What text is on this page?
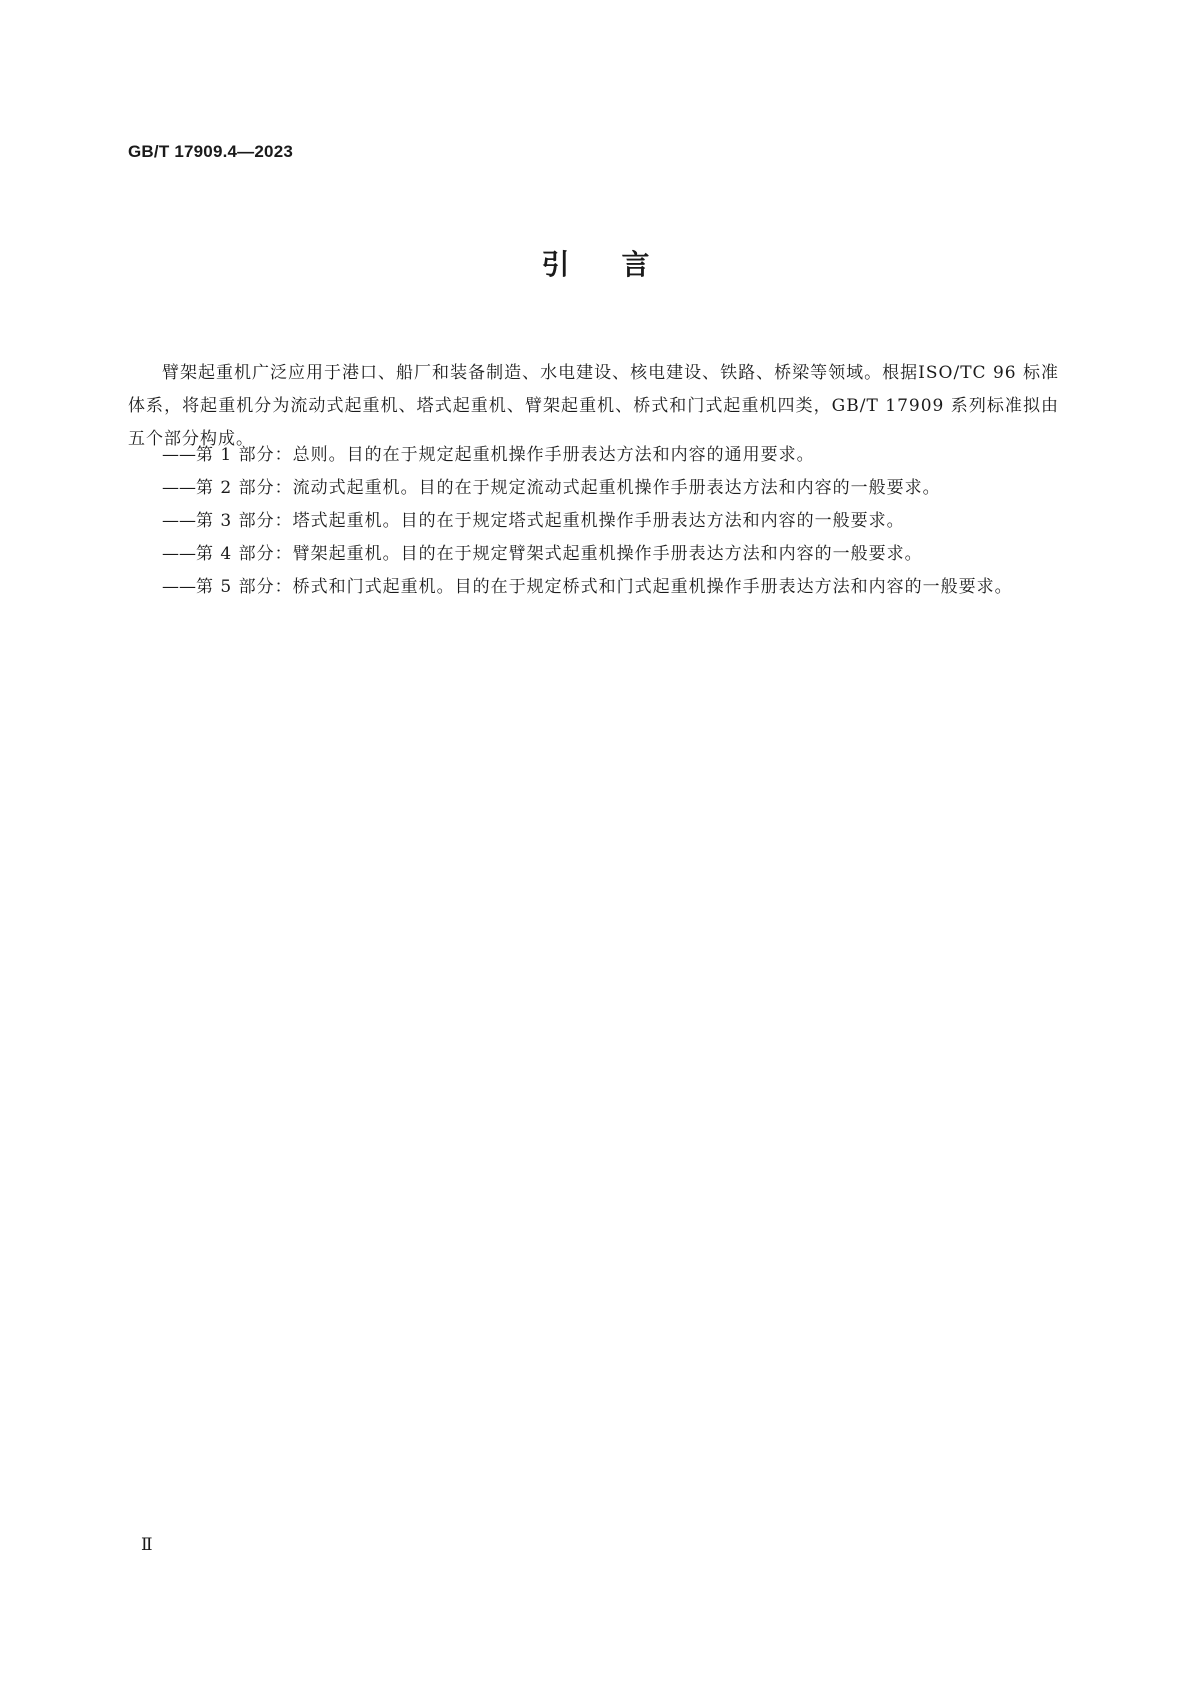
GB/T 17909.4—2023
引言

臂架起重机广泛应用于港口、船厂和装备制造、水电建设、核电建设、铁路、桥梁等领域。根据ISO/TC 96 标准体系，将起重机分为流动式起重机、塔式起重机、臂架起重机、桥式和门式起重机四类，GB/T 17909 系列标准拟由五个部分构成。

——第 1 部分：总则。目的在于规定起重机操作手册表达方法和内容的通用要求。
——第 2 部分：流动式起重机。目的在于规定流动式起重机操作手册表达方法和内容的一般要求。
——第 3 部分：塔式起重机。目的在于规定塔式起重机操作手册表达方法和内容的一般要求。
——第 4 部分：臂架起重机。目的在于规定臂架式起重机操作手册表达方法和内容的一般要求。
——第 5 部分：桥式和门式起重机。目的在于规定桥式和门式起重机操作手册表达方法和内容的一般要求。
Ⅱ
